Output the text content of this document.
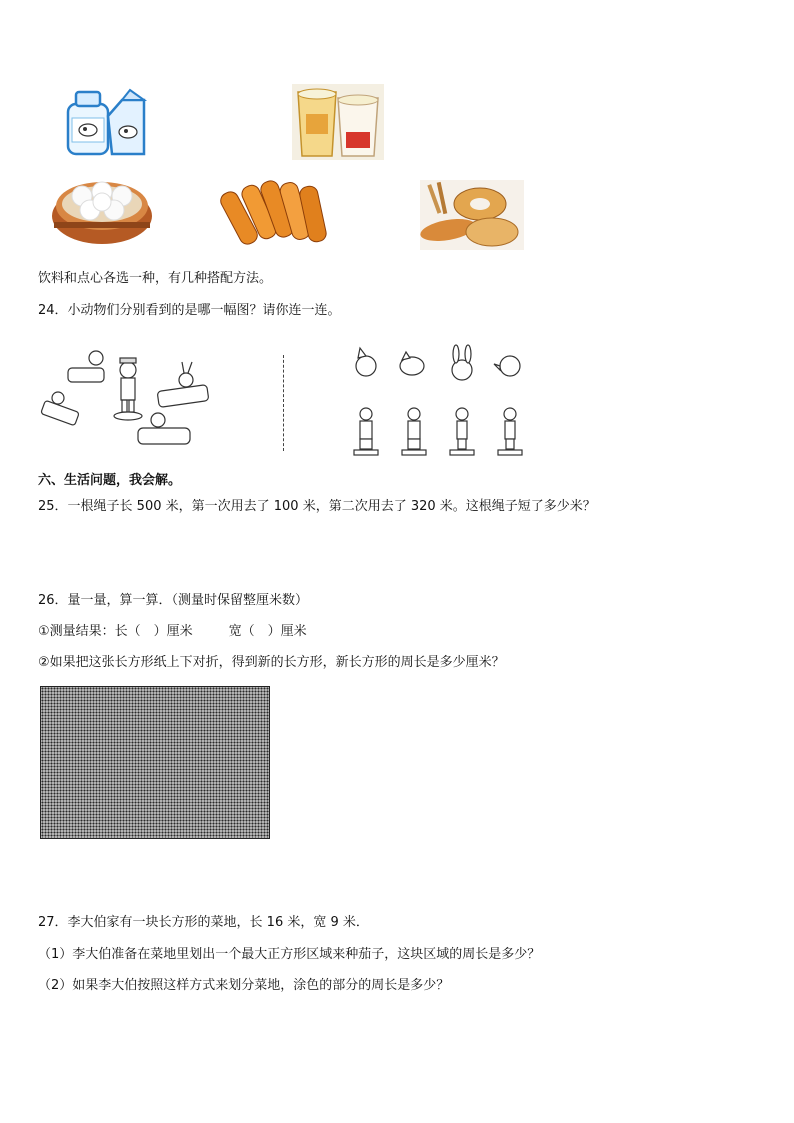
饮料和点心各选一种，有几种搭配方法。
24．小动物们分别看到的是哪一幅图？请你连一连。
六、生活问题，我会解。
25．一根绳子长 500 米，第一次用去了 100 米，第二次用去了 320 米。这根绳子短了多少米？
26．量一量，算一算．（测量时保留整厘米数）
①测量结果：长（　）厘米	宽（　）厘米
②如果把这张长方形纸上下对折，得到新的长方形，新长方形的周长是多少厘米？
27．李大伯家有一块长方形的菜地，长 16 米，宽 9 米．
（1）李大伯准备在菜地里划出一个最大正方形区域来种茄子，这块区域的周长是多少？
（2）如果李大伯按照这样方式来划分菜地，涂色的部分的周长是多少？
